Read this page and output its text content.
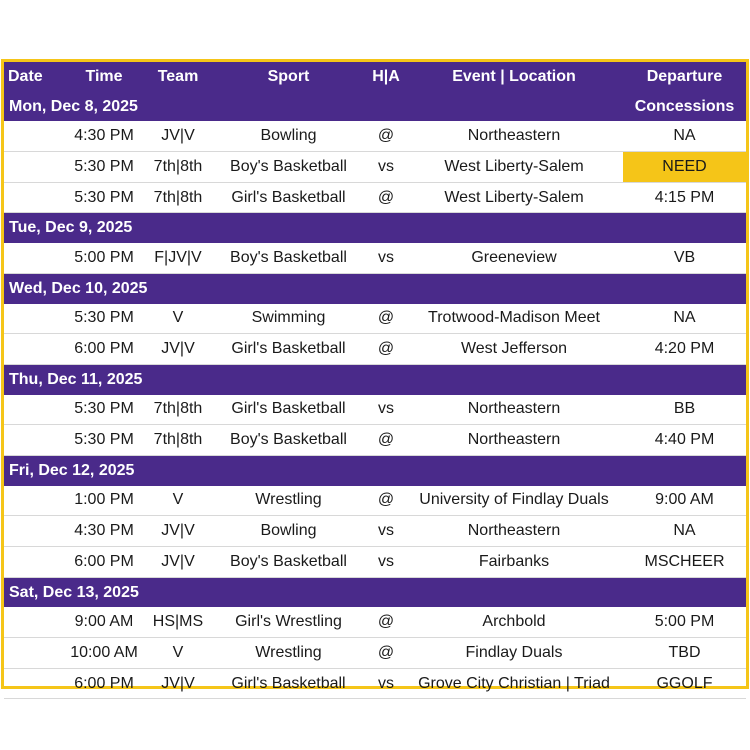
Date	Time	Team	Sport	H|A	Event | Location	Departure
Mon, Dec 8, 2025						Concessions
	4:30 PM	JV|V	Bowling	@	Northeastern	NA
	5:30 PM	7th|8th	Boy's Basketball	vs	West Liberty-Salem	NEED
	5:30 PM	7th|8th	Girl's Basketball	@	West Liberty-Salem	4:15 PM
Tue, Dec 9, 2025						
	5:00 PM	F|JV|V	Boy's Basketball	vs	Greeneview	VB
Wed, Dec 10, 2025						
	5:30 PM	V	Swimming	@	Trotwood-Madison Meet	NA
	6:00 PM	JV|V	Girl's Basketball	@	West Jefferson	4:20 PM
Thu, Dec 11, 2025						
	5:30 PM	7th|8th	Girl's Basketball	vs	Northeastern	BB
	5:30 PM	7th|8th	Boy's Basketball	@	Northeastern	4:40 PM
Fri, Dec 12, 2025						
	1:00 PM	V	Wrestling	@	University of Findlay Duals	9:00 AM
	4:30 PM	JV|V	Bowling	vs	Northeastern	NA
	6:00 PM	JV|V	Boy's Basketball	vs	Fairbanks	MSCHEER
Sat, Dec 13, 2025						
	9:00 AM	HS|MS	Girl's Wrestling	@	Archbold	5:00 PM
	10:00 AM	V	Wrestling	@	Findlay Duals	TBD
	6:00 PM	JV|V	Girl's Basketball	vs	Grove City Christian | Triad	GGOLF
